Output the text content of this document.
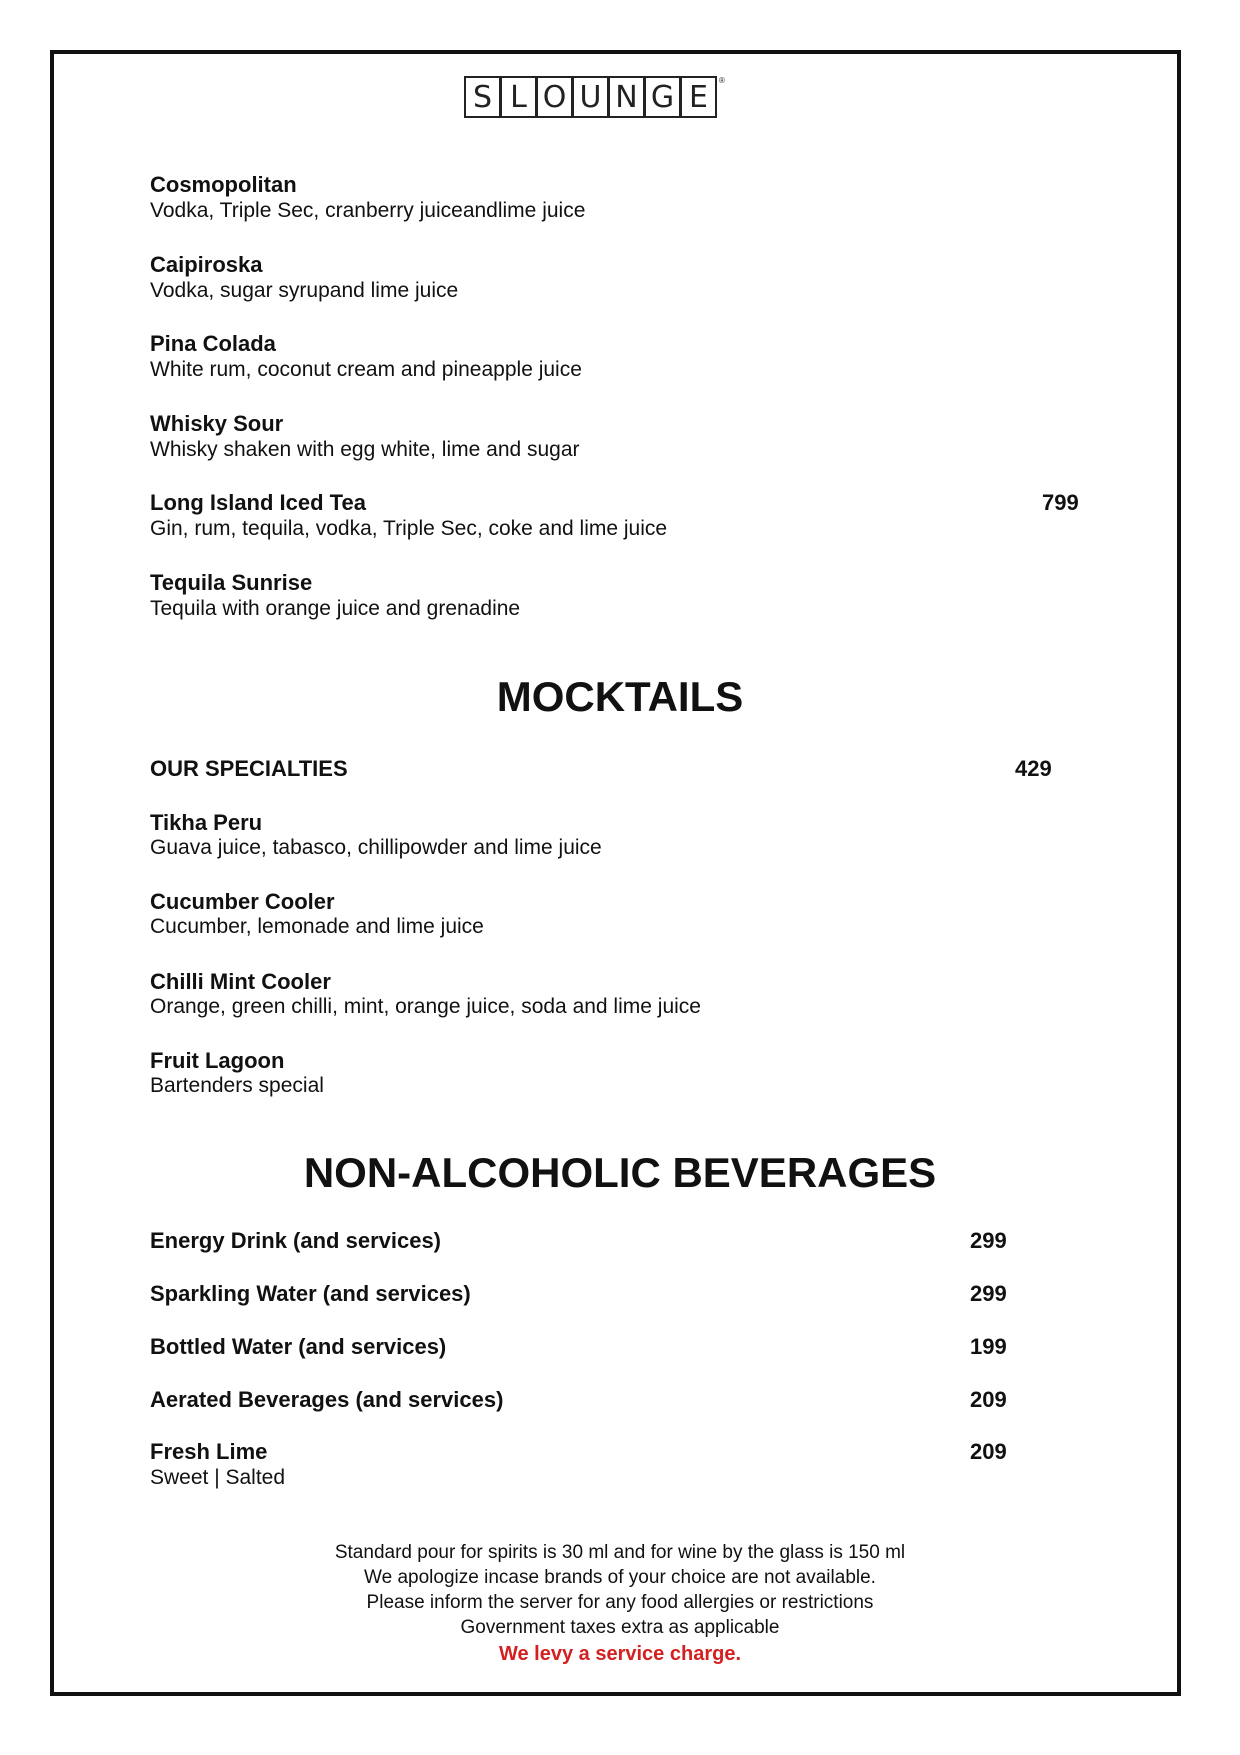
S L O U N G E	®
Cosmopolitan
Vodka, Triple Sec, cranberry juiceandlime juice
Caipiroska
Vodka, sugar syrupand lime juice
Pina Colada
White rum, coconut cream and pineapple juice
Whisky Sour
Whisky shaken with egg white, lime and sugar
Long Island Iced Tea	799
Gin, rum, tequila, vodka, Triple Sec, coke and lime juice
Tequila Sunrise
Tequila with orange juice and grenadine
MOCKTAILS
OUR SPECIALTIES	429
Tikha Peru
Guava juice, tabasco, chillipowder and lime juice
Cucumber Cooler
Cucumber, lemonade and lime juice
Chilli Mint Cooler
Orange, green chilli, mint, orange juice, soda and lime juice
Fruit Lagoon
Bartenders special
NON-ALCOHOLIC BEVERAGES
Energy Drink (and services)	299
Sparkling Water (and services)	299
Bottled Water (and services)	199
Aerated Beverages (and services)	209
Fresh Lime	209
Sweet | Salted
Standard pour for spirits is 30 ml and for wine by the glass is 150 ml
We apologize incase brands of your choice are not available.
Please inform the server for any food allergies or restrictions
Government taxes extra as applicable
We levy a service charge.
